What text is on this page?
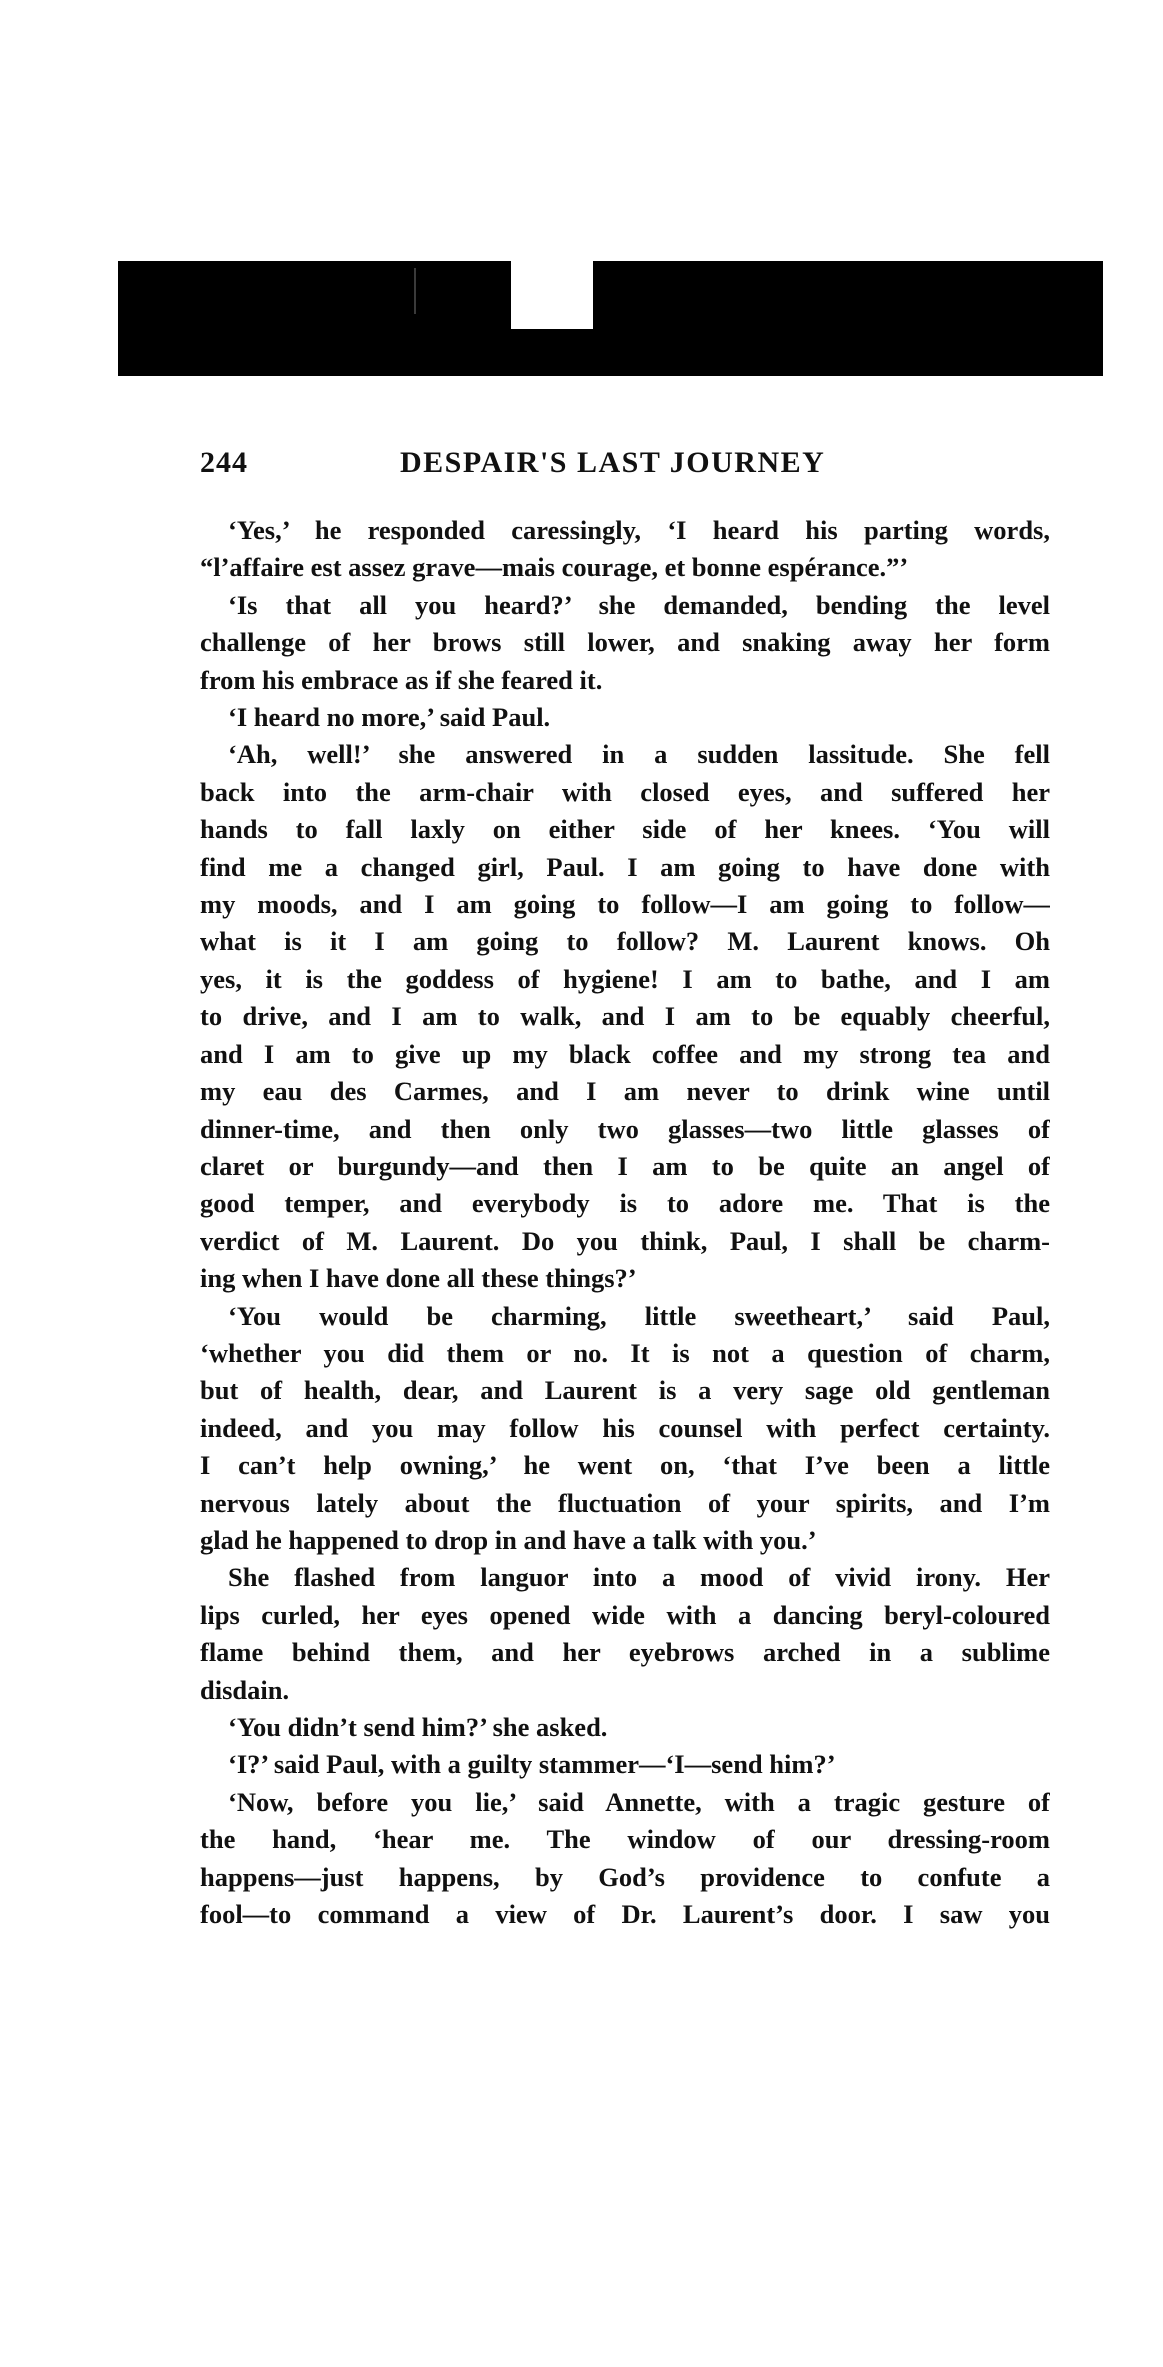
244	DESPAIR'S LAST JOURNEY
‘Yes,’ he responded caressingly, ‘I heard his parting words,
“l’affaire est assez grave—mais courage, et bonne espérance.”’
‘Is that all you heard?’ she demanded, bending the level
challenge of her brows still lower, and snaking away her form
from his embrace as if she feared it.
‘I heard no more,’ said Paul.
‘Ah, well!’ she answered in a sudden lassitude. She fell
back into the arm-chair with closed eyes, and suffered her
hands to fall laxly on either side of her knees. ‘You will
find me a changed girl, Paul. I am going to have done with
my moods, and I am going to follow—I am going to follow—
what is it I am going to follow? M. Laurent knows. Oh
yes, it is the goddess of hygiene! I am to bathe, and I am
to drive, and I am to walk, and I am to be equably cheerful,
and I am to give up my black coffee and my strong tea and
my eau des Carmes, and I am never to drink wine until
dinner-time, and then only two glasses—two little glasses of
claret or burgundy—and then I am to be quite an angel of
good temper, and everybody is to adore me. That is the
verdict of M. Laurent. Do you think, Paul, I shall be charm-
ing when I have done all these things?’
‘You would be charming, little sweetheart,’ said Paul,
‘whether you did them or no. It is not a question of charm,
but of health, dear, and Laurent is a very sage old gentleman
indeed, and you may follow his counsel with perfect certainty.
I can’t help owning,’ he went on, ‘that I’ve been a little
nervous lately about the fluctuation of your spirits, and I’m
glad he happened to drop in and have a talk with you.’
She flashed from languor into a mood of vivid irony. Her
lips curled, her eyes opened wide with a dancing beryl-coloured
flame behind them, and her eyebrows arched in a sublime
disdain.
‘You didn’t send him?’ she asked.
‘I?’ said Paul, with a guilty stammer—‘I—send him?’
‘Now, before you lie,’ said Annette, with a tragic gesture of
the hand, ‘hear me. The window of our dressing-room
happens—just happens, by God’s providence to confute a
fool—to command a view of Dr. Laurent’s door. I saw you
